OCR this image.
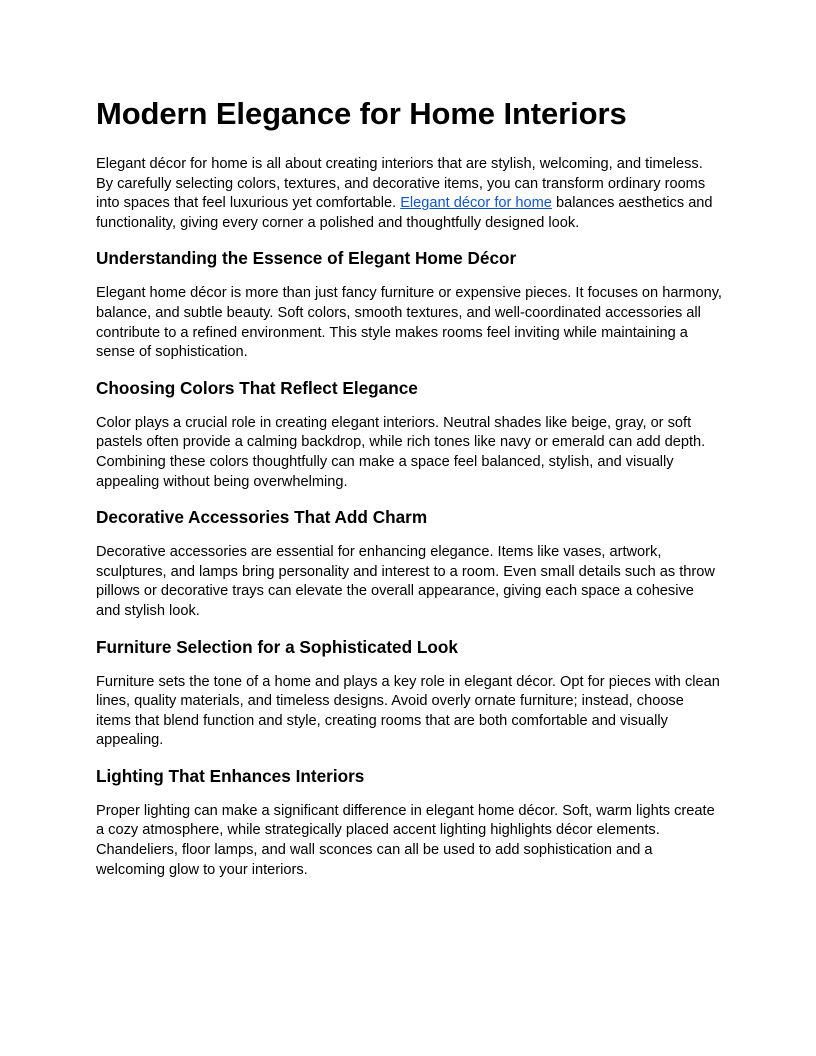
Modern Elegance for Home Interiors

Elegant décor for home is all about creating interiors that are stylish, welcoming, and timeless. By carefully selecting colors, textures, and decorative items, you can transform ordinary rooms into spaces that feel luxurious yet comfortable. Elegant décor for home balances aesthetics and functionality, giving every corner a polished and thoughtfully designed look.

Understanding the Essence of Elegant Home Décor

Elegant home décor is more than just fancy furniture or expensive pieces. It focuses on harmony, balance, and subtle beauty. Soft colors, smooth textures, and well-coordinated accessories all contribute to a refined environment. This style makes rooms feel inviting while maintaining a sense of sophistication.

Choosing Colors That Reflect Elegance

Color plays a crucial role in creating elegant interiors. Neutral shades like beige, gray, or soft pastels often provide a calming backdrop, while rich tones like navy or emerald can add depth. Combining these colors thoughtfully can make a space feel balanced, stylish, and visually appealing without being overwhelming.

Decorative Accessories That Add Charm

Decorative accessories are essential for enhancing elegance. Items like vases, artwork, sculptures, and lamps bring personality and interest to a room. Even small details such as throw pillows or decorative trays can elevate the overall appearance, giving each space a cohesive and stylish look.

Furniture Selection for a Sophisticated Look

Furniture sets the tone of a home and plays a key role in elegant décor. Opt for pieces with clean lines, quality materials, and timeless designs. Avoid overly ornate furniture; instead, choose items that blend function and style, creating rooms that are both comfortable and visually appealing.

Lighting That Enhances Interiors

Proper lighting can make a significant difference in elegant home décor. Soft, warm lights create a cozy atmosphere, while strategically placed accent lighting highlights décor elements. Chandeliers, floor lamps, and wall sconces can all be used to add sophistication and a welcoming glow to your interiors.
